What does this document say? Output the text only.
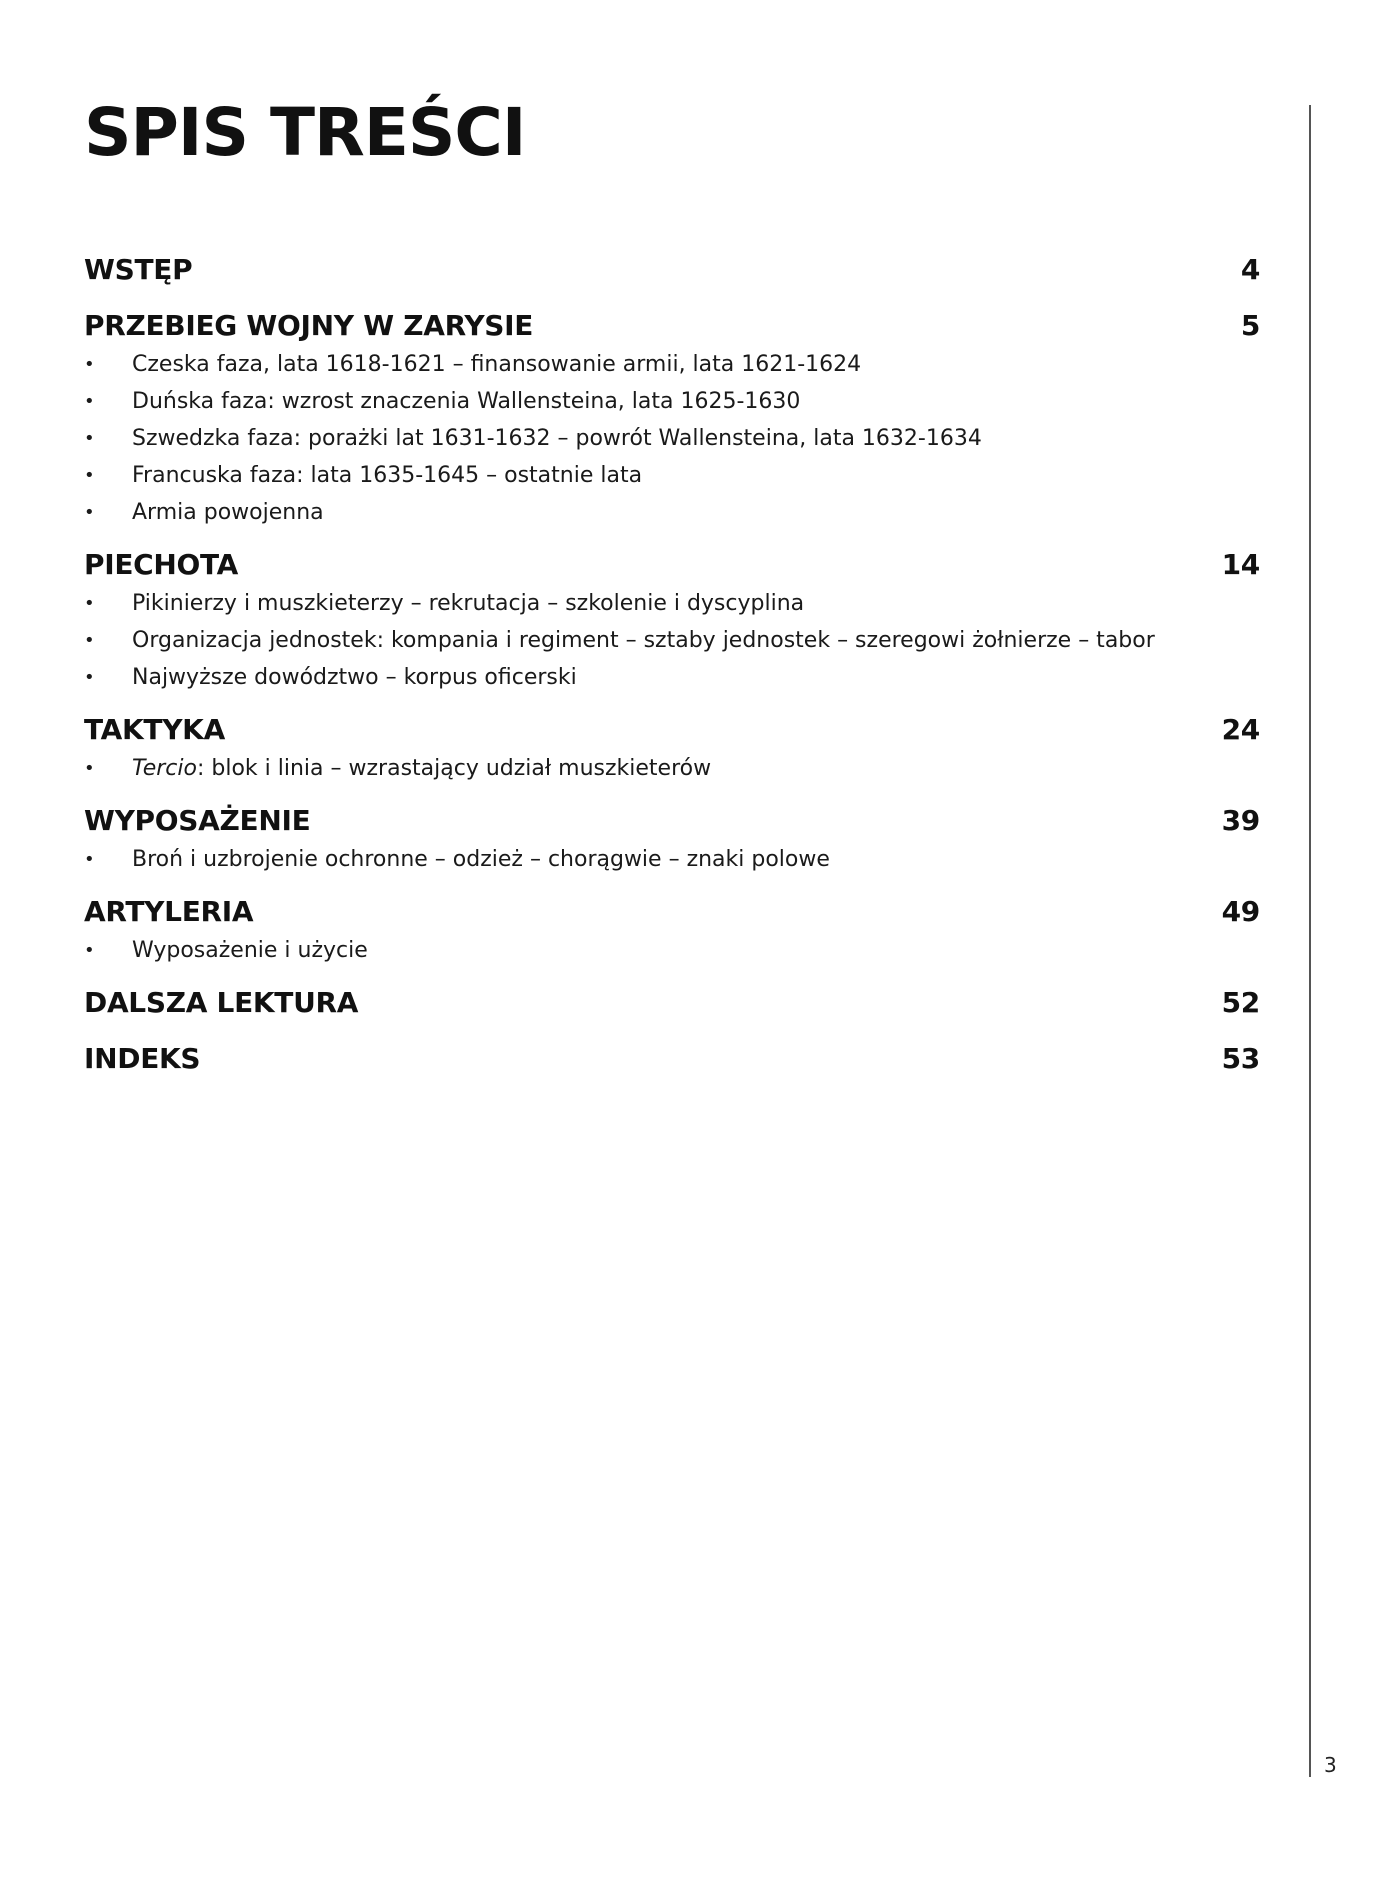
SPIS TREŚCI
WSTĘP	4
PRZEBIEG WOJNY W ZARYSIE	5
• Czeska faza, lata 1618-1621 – finansowanie armii, lata 1621-1624
• Duńska faza: wzrost znaczenia Wallensteina, lata 1625-1630
• Szwedzka faza: porażki lat 1631-1632 – powrót Wallensteina, lata 1632-1634
• Francuska faza: lata 1635-1645 – ostatnie lata
• Armia powojenna
PIECHOTA	14
• Pikinierzy i muszkieterzy – rekrutacja – szkolenie i dyscyplina
• Organizacja jednostek: kompania i regiment – sztaby jednostek – szeregowi żołnierze – tabor
• Najwyższe dowództwo – korpus oficerski
TAKTYKA	24
• Tercio: blok i linia – wzrastający udział muszkieterów
WYPOSAŻENIE	39
• Broń i uzbrojenie ochronne – odzież – chorągwie – znaki polowe
ARTYLERIA	49
• Wyposażenie i użycie
DALSZA LEKTURA	52
INDEKS	53
3
